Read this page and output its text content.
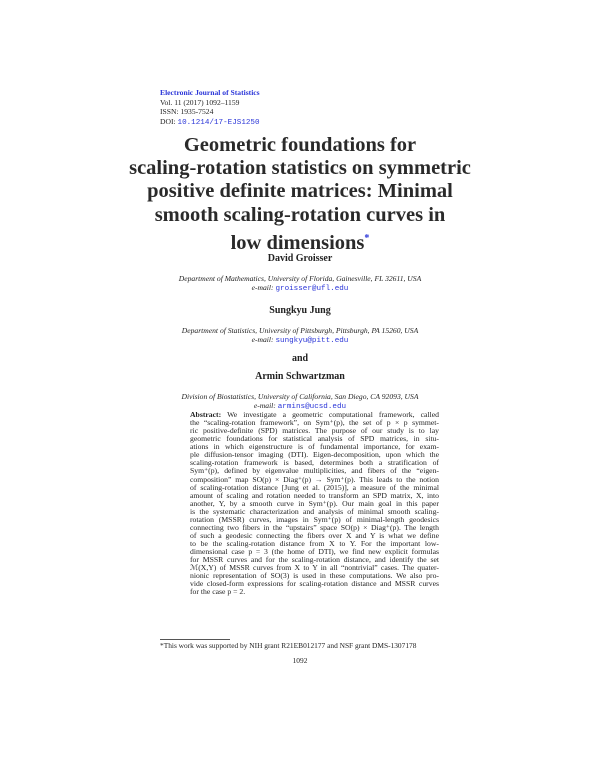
Electronic Journal of Statistics
Vol. 11 (2017) 1092–1159
ISSN: 1935-7524
DOI: 10.1214/17-EJS1250
Geometric foundations for
scaling-rotation statistics on symmetric
positive definite matrices: Minimal
smooth scaling-rotation curves in
low dimensions*
David Groisser
Department of Mathematics, University of Florida, Gainesville, FL 32611, USA
e-mail: groisser@ufl.edu
Sungkyu Jung
Department of Statistics, University of Pittsburgh, Pittsburgh, PA 15260, USA
e-mail: sungkyu@pitt.edu
and
Armin Schwartzman
Division of Biostatistics, University of California, San Diego, CA 92093, USA
e-mail: armins@ucsd.edu
Abstract: We investigate a geometric computational framework, called
the “scaling-rotation framework”, on Sym⁺(p), the set of p × p symmet-
ric positive-definite (SPD) matrices. The purpose of our study is to lay
geometric foundations for statistical analysis of SPD matrices, in situ-
ations in which eigenstructure is of fundamental importance, for exam-
ple diffusion-tensor imaging (DTI). Eigen-decomposition, upon which the
scaling-rotation framework is based, determines both a stratification of
Sym⁺(p), defined by eigenvalue multiplicities, and fibers of the “eigen-
composition” map SO(p) × Diag⁺(p) → Sym⁺(p). This leads to the notion
of scaling-rotation distance [Jung et al. (2015)], a measure of the minimal
amount of scaling and rotation needed to transform an SPD matrix, X, into
another, Y, by a smooth curve in Sym⁺(p). Our main goal in this paper
is the systematic characterization and analysis of minimal smooth scaling-
rotation (MSSR) curves, images in Sym⁺(p) of minimal-length geodesics
connecting two fibers in the “upstairs” space SO(p) × Diag⁺(p). The length
of such a geodesic connecting the fibers over X and Y is what we define
to be the scaling-rotation distance from X to Y. For the important low-
dimensional case p = 3 (the home of DTI), we find new explicit formulas
for MSSR curves and for the scaling-rotation distance, and identify the set
ℳ(X,Y) of MSSR curves from X to Y in all “nontrivial” cases. The quater-
nionic representation of SO(3) is used in these computations. We also pro-
vide closed-form expressions for scaling-rotation distance and MSSR curves
for the case p = 2.
*This work was supported by NIH grant R21EB012177 and NSF grant DMS-1307178
1092
